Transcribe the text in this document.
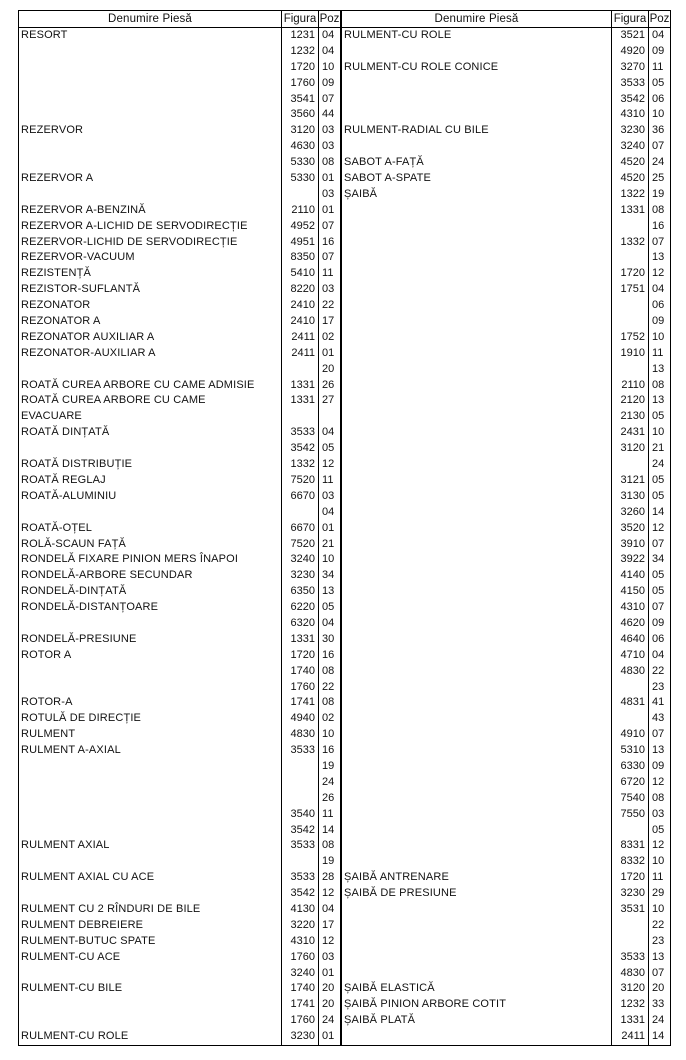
Denumire Piesă	Figura Poz
RESORT	1231 04
1232 04
1720 10
1760 09
3541 07
3560 44
REZERVOR	3120 03
4630 03
5330 08
REZERVOR A	5330 01
03
REZERVOR A-BENZINĂ	2110 01
REZERVOR A-LICHID DE SERVODIRECȚIE	4952 07
REZERVOR-LICHID DE SERVODIRECȚIE	4951 16
REZERVOR-VACUUM	8350 07
REZISTENȚĂ	5410 11
REZISTOR-SUFLANTĂ	8220 03
REZONATOR	2410 22
REZONATOR A	2410 17
REZONATOR AUXILIAR A	2411 02
REZONATOR-AUXILIAR A	2411 01
20
ROATĂ CUREA ARBORE CU CAME ADMISIE	1331 26
ROATĂ CUREA ARBORE CU CAME	1331 27
EVACUARE
ROATĂ DINȚATĂ	3533 04
3542 05
ROATĂ DISTRIBUȚIE	1332 12
ROATĂ REGLAJ	7520 11
ROATĂ-ALUMINIU	6670 03
04
ROATĂ-OȚEL	6670 01
ROLĂ-SCAUN FAȚĂ	7520 21
RONDELĂ FIXARE PINION MERS ÎNAPOI	3240 10
RONDELĂ-ARBORE SECUNDAR	3230 34
RONDELĂ-DINȚATĂ	6350 13
RONDELĂ-DISTANȚOARE	6220 05
6320 04
RONDELĂ-PRESIUNE	1331 30
ROTOR A	1720 16
1740 08
1760 22
ROTOR-A	1741 08
ROTULĂ DE DIRECȚIE	4940 02
RULMENT	4830 10
RULMENT A-AXIAL	3533 16
19
24
26
3540 11
3542 14
RULMENT AXIAL	3533 08
19
RULMENT AXIAL CU ACE	3533 28
3542 12
RULMENT CU 2 RÎNDURI DE BILE	4130 04
RULMENT DEBREIERE	3220 17
RULMENT-BUTUC SPATE	4310 12
RULMENT-CU ACE	1760 03
3240 01
RULMENT-CU BILE	1740 20
1741 20
1760 24
RULMENT-CU ROLE	3230 01
Denumire Piesă	Figura Poz
RULMENT-CU ROLE	3521 04
4920 09
RULMENT-CU ROLE CONICE	3270 11
3533 05
3542 06
4310 10
RULMENT-RADIAL CU BILE	3230 36
3240 07
SABOT A-FAȚĂ	4520 24
SABOT A-SPATE	4520 25
ȘAIBĂ	1322 19
1331 08
16
1332 07
13
1720 12
1751 04
06
09
1752 10
1910 11
13
2110 08
2120 13
2130 05
2431 10
3120 21
24
3121 05
3130 05
3260 14
3520 12
3910 07
3922 34
4140 05
4150 05
4310 07
4620 09
4640 06
4710 04
4830 22
23
4831 41
43
4910 07
5310 13
6330 09
6720 12
7540 08
7550 03
05
8331 12
8332 10
ȘAIBĂ ANTRENARE	1720 11
ȘAIBĂ DE PRESIUNE	3230 29
3531 10
22
23
3533 13
4830 07
ȘAIBĂ ELASTICĂ	3120 20
ȘAIBĂ PINION ARBORE COTIT	1232 33
ȘAIBĂ PLATĂ	1331 24
2411 14
